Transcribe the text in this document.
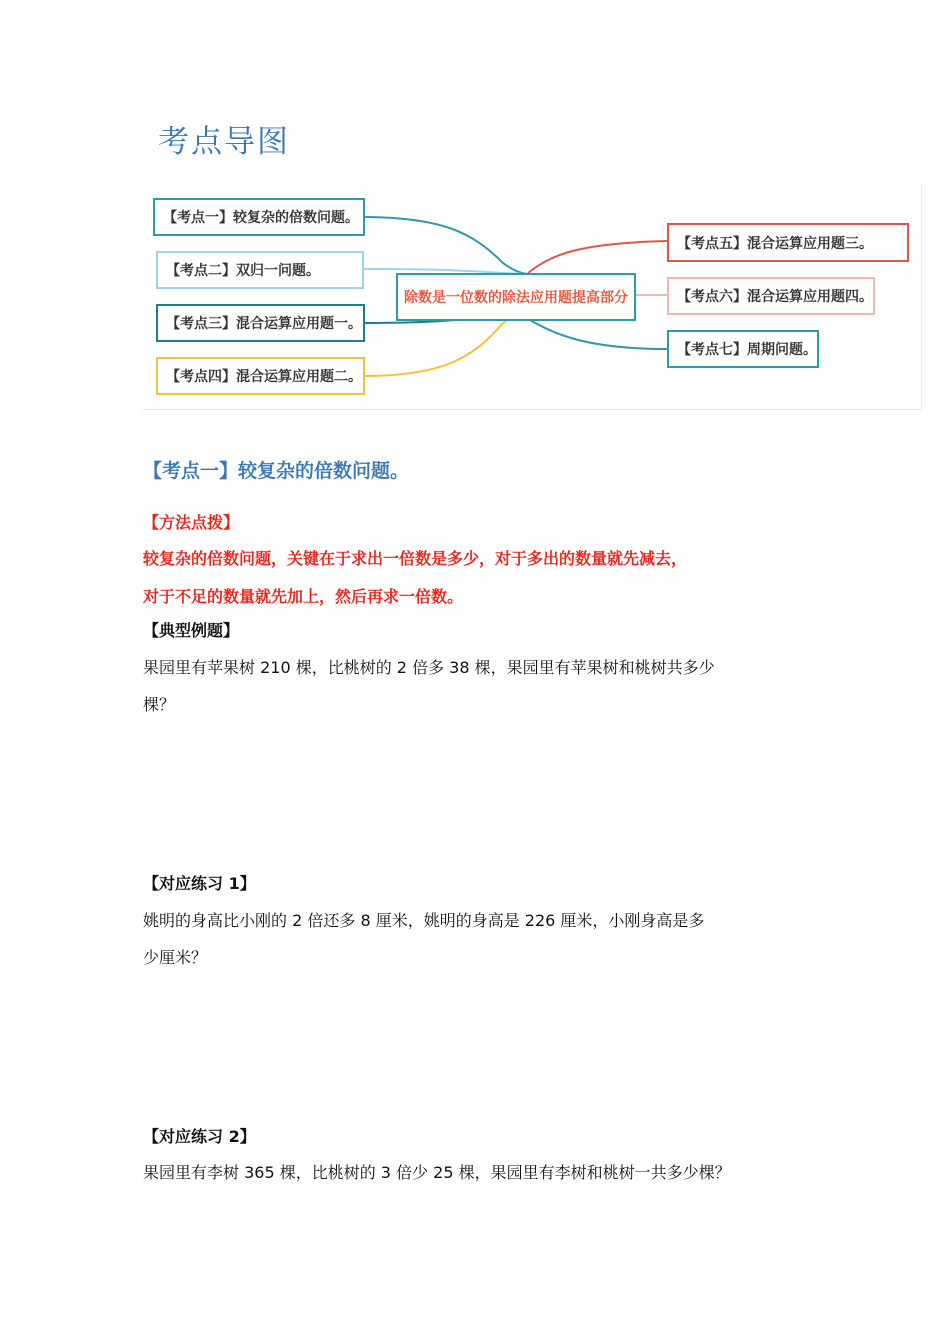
考点导图
【考点一】较复杂的倍数问题。
【考点二】双归一问题。
【考点三】混合运算应用题一。
【考点四】混合运算应用题二。
除数是一位数的除法应用题提高部分
【考点五】混合运算应用题三。
【考点六】混合运算应用题四。
【考点七】周期问题。
【考点一】较复杂的倍数问题。
【方法点拨】
较复杂的倍数问题，关键在于求出一倍数是多少，对于多出的数量就先减去，
对于不足的数量就先加上，然后再求一倍数。
【典型例题】
果园里有苹果树 210 棵，比桃树的 2 倍多 38 棵，果园里有苹果树和桃树共多少
棵？
【对应练习 1】
姚明的身高比小刚的 2 倍还多 8 厘米，姚明的身高是 226 厘米，小刚身高是多
少厘米？
【对应练习 2】
果园里有李树 365 棵，比桃树的 3 倍少 25 棵，果园里有李树和桃树一共多少棵？
